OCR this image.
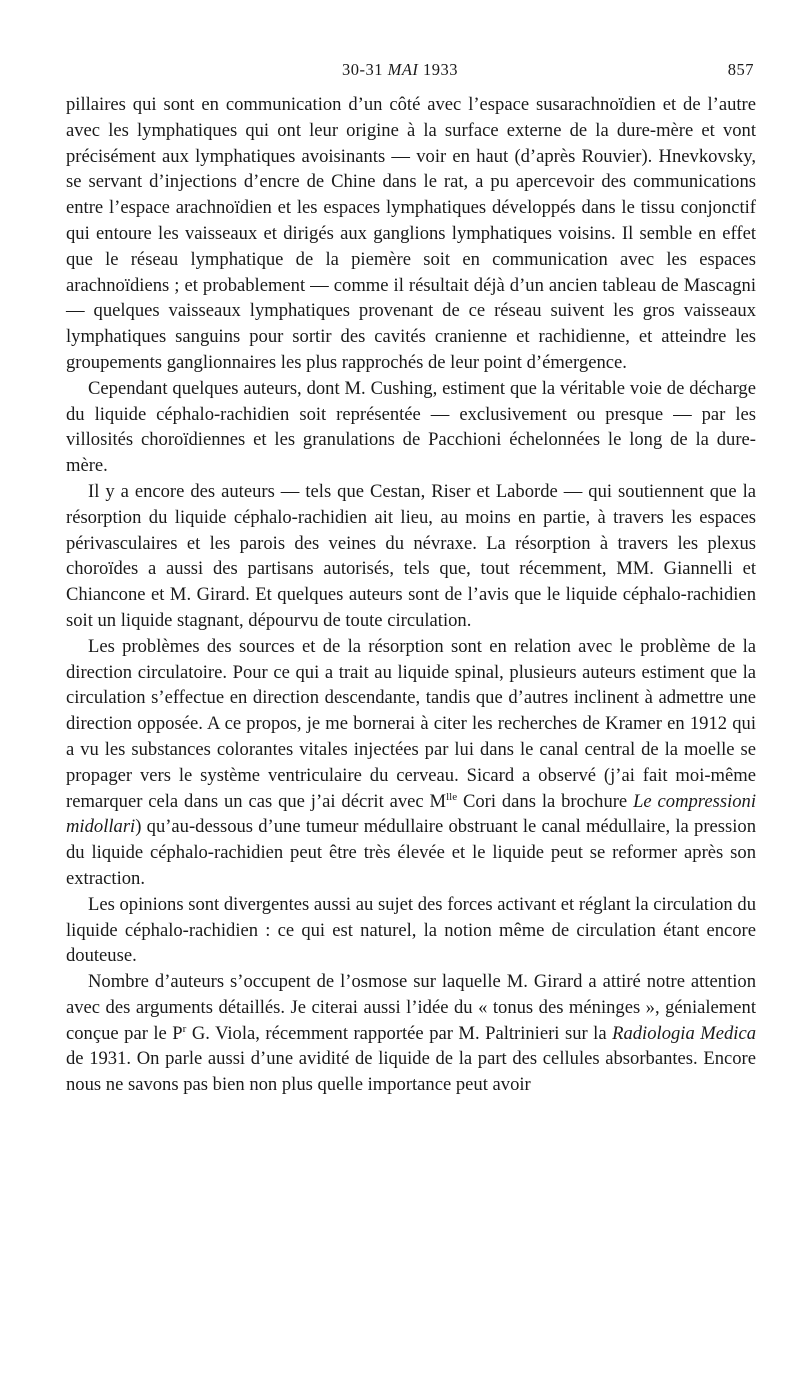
30-31 MAI 1933	857

pillaires qui sont en communication d’un côté avec l’espace susarachnoïdien et de l’autre avec les lymphatiques qui ont leur origine à la surface externe de la dure-mère et vont précisément aux lymphatiques avoisinants — voir en haut (d’après Rouvier). Hnevkovsky, se servant d’injections d’encre de Chine dans le rat, a pu apercevoir des communications entre l’espace arachnoïdien et les espaces lymphatiques développés dans le tissu conjonctif qui entoure les vaisseaux et dirigés aux ganglions lymphatiques voisins. Il semble en effet que le réseau lymphatique de la piemère soit en communication avec les espaces arachnoïdiens ; et probablement — comme il résultait déjà d’un ancien tableau de Mascagni — quelques vaisseaux lymphatiques provenant de ce réseau suivent les gros vaisseaux lymphatiques sanguins pour sortir des cavités cranienne et rachidienne, et atteindre les groupements ganglionnaires les plus rapprochés de leur point d’émergence.

Cependant quelques auteurs, dont M. Cushing, estiment que la véritable voie de décharge du liquide céphalo-rachidien soit représentée — exclusivement ou presque — par les villosités choroïdiennes et les granulations de Pacchioni échelonnées le long de la dure-mère.

Il y a encore des auteurs — tels que Cestan, Riser et Laborde — qui soutiennent que la résorption du liquide céphalo-rachidien ait lieu, au moins en partie, à travers les espaces périvasculaires et les parois des veines du névraxe. La résorption à travers les plexus choroïdes a aussi des partisans autorisés, tels que, tout récemment, MM. Giannelli et Chiancone et M. Girard. Et quelques auteurs sont de l’avis que le liquide céphalo-rachidien soit un liquide stagnant, dépourvu de toute circulation.

Les problèmes des sources et de la résorption sont en relation avec le problème de la direction circulatoire. Pour ce qui a trait au liquide spinal, plusieurs auteurs estiment que la circulation s’effectue en direction descendante, tandis que d’autres inclinent à admettre une direction opposée. A ce propos, je me bornerai à citer les recherches de Kramer en 1912 qui a vu les substances colorantes vitales injectées par lui dans le canal central de la moelle se propager vers le système ventriculaire du cerveau. Sicard a observé (j’ai fait moi-même remarquer cela dans un cas que j’ai décrit avec $M^{lle}$ Cori dans la brochure Le compressioni midollari) qu’au-dessous d’une tumeur médullaire obstruant le canal médullaire, la pression du liquide céphalo-rachidien peut être très élevée et le liquide peut se reformer après son extraction.

Les opinions sont divergentes aussi au sujet des forces activant et réglant la circulation du liquide céphalo-rachidien : ce qui est naturel, la notion même de circulation étant encore douteuse.

Nombre d’auteurs s’occupent de l’osmose sur laquelle M. Girard a attiré notre attention avec des arguments détaillés. Je citerai aussi l’idée du « tonus des méninges », génialement conçue par le $P^r$ G. Viola, récemment rapportée par M. Paltrinieri sur la Radiologia Medica de 1931. On parle aussi d’une avidité de liquide de la part des cellules absorbantes. Encore nous ne savons pas bien non plus quelle importance peut avoir
